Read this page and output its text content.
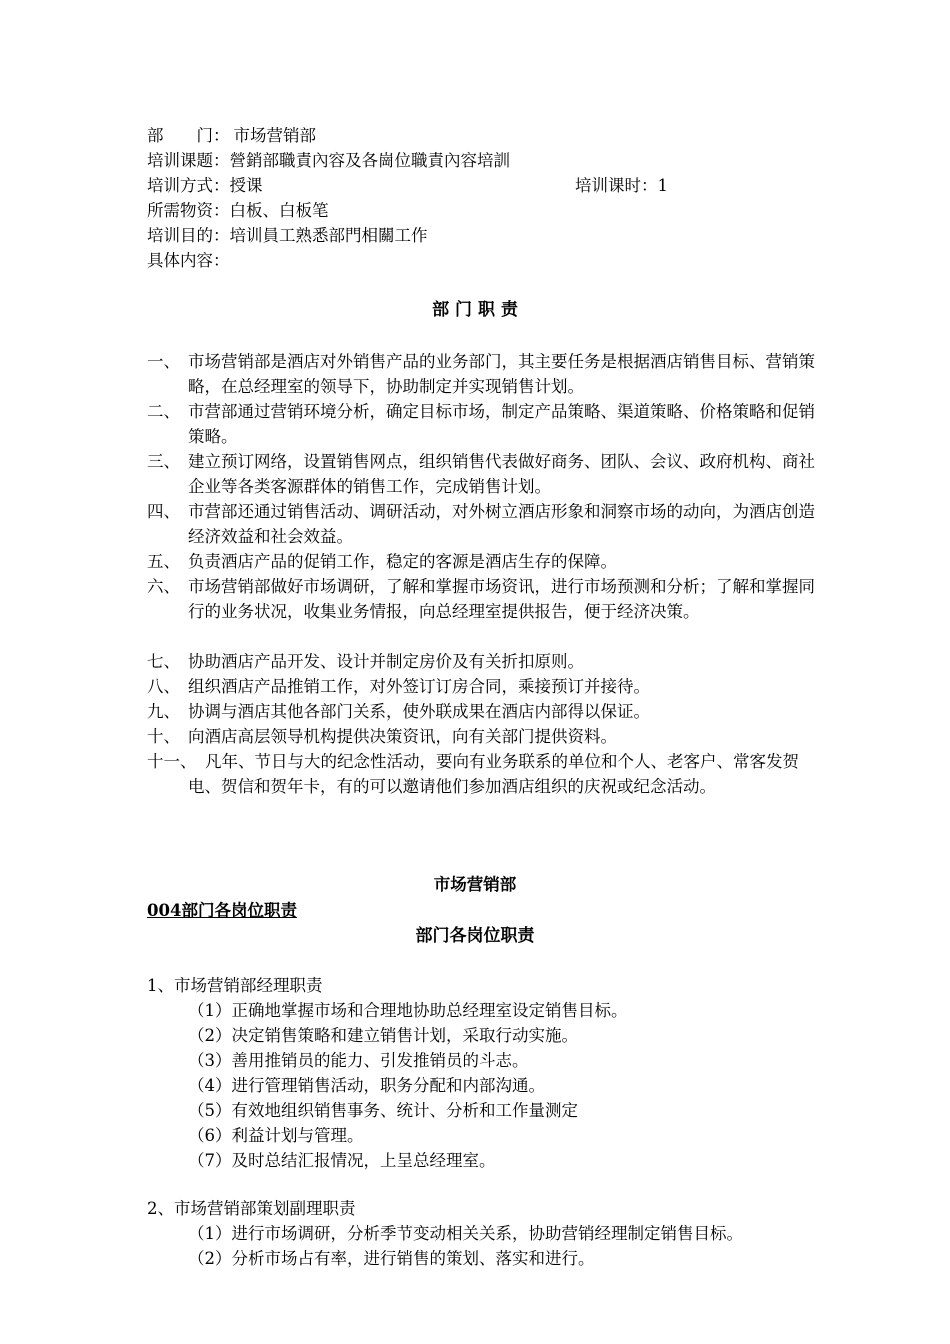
部　　门： 市场营销部
培训课题：營銷部職責內容及各崗位職責內容培訓
培训方式：授课	培训课时：1
所需物资：白板、白板笔
培训目的：培训員工熟悉部門相關工作
具体内容：
部 门 职 责
一、 市场营销部是酒店对外销售产品的业务部门，其主要任务是根据酒店销售目标、营销策略，在总经理室的领导下，协助制定并实现销售计划。
二、 市营部通过营销环境分析，确定目标市场，制定产品策略、渠道策略、价格策略和促销策略。
三、 建立预订网络，设置销售网点，组织销售代表做好商务、团队、会议、政府机构、商社企业等各类客源群体的销售工作，完成销售计划。
四、 市营部还通过销售活动、调研活动，对外树立酒店形象和洞察市场的动向，为酒店创造经济效益和社会效益。
五、 负责酒店产品的促销工作，稳定的客源是酒店生存的保障。
六、 市场营销部做好市场调研，了解和掌握市场资讯，进行市场预测和分析；了解和掌握同行的业务状况，收集业务情报，向总经理室提供报告，便于经济决策。
七、 协助酒店产品开发、设计并制定房价及有关折扣原则。
八、 组织酒店产品推销工作，对外签订订房合同，乘接预订并接待。
九、 协调与酒店其他各部门关系，使外联成果在酒店内部得以保证。
十、 向酒店高层领导机构提供决策资讯，向有关部门提供资料。
十一、 凡年、节日与大的纪念性活动，要向有业务联系的单位和个人、老客户、常客发贺电、贺信和贺年卡，有的可以邀请他们参加酒店组织的庆祝或纪念活动。
市场营销部
004部门各岗位职责
部门各岗位职责
1、市场营销部经理职责
（1）正确地掌握市场和合理地协助总经理室设定销售目标。
（2）决定销售策略和建立销售计划，采取行动实施。
（3）善用推销员的能力、引发推销员的斗志。
（4）进行管理销售活动，职务分配和内部沟通。
（5）有效地组织销售事务、统计、分析和工作量测定
（6）利益计划与管理。
（7）及时总结汇报情况，上呈总经理室。
2、市场营销部策划副理职责
（1）进行市场调研，分析季节变动相关关系，协助营销经理制定销售目标。
（2）分析市场占有率，进行销售的策划、落实和进行。
